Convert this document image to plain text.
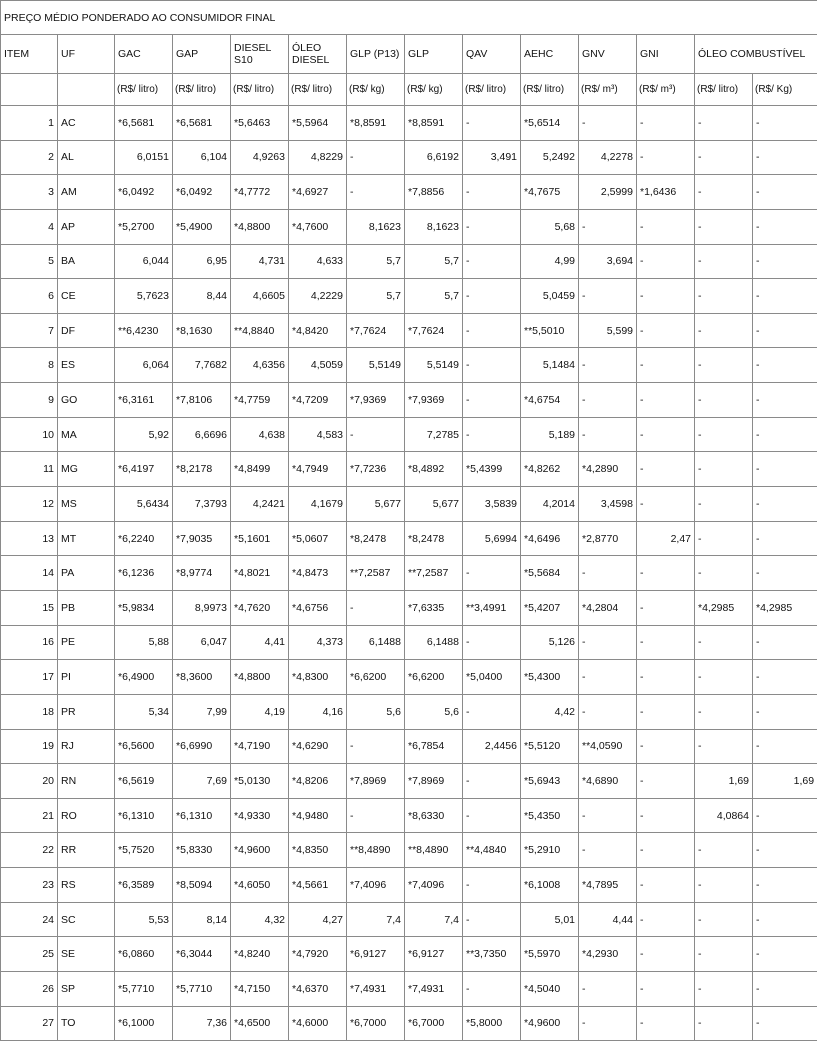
PREÇO MÉDIO PONDERADO AO CONSUMIDOR FINAL													
ITEM	UF	GAC	GAP	DIESEL S10	ÓLEO DIESEL	GLP (P13)	GLP	QAV	AEHC	GNV	GNI	ÓLEO COMBUSTÍVEL	
		(R$/ litro)	(R$/ litro)	(R$/ litro)	(R$/ litro)	(R$/ kg)	(R$/ kg)	(R$/ litro)	(R$/ litro)	(R$/ m³)	(R$/ m³)	(R$/ litro)	(R$/ Kg)
1	AC	*6,5681	*6,5681	*5,6463	*5,5964	*8,8591	*8,8591	-	*5,6514	-	-	-	-
2	AL	6,0151	6,104	4,9263	4,8229	-	6,6192	3,491	5,2492	4,2278	-	-	-
3	AM	*6,0492	*6,0492	*4,7772	*4,6927	-	*7,8856	-	*4,7675	2,5999	*1,6436	-	-
4	AP	*5,2700	*5,4900	*4,8800	*4,7600	8,1623	8,1623	-	5,68	-	-	-	-
5	BA	6,044	6,95	4,731	4,633	5,7	5,7	-	4,99	3,694	-	-	-
6	CE	5,7623	8,44	4,6605	4,2229	5,7	5,7	-	5,0459	-	-	-	-
7	DF	**6,4230	*8,1630	**4,8840	*4,8420	*7,7624	*7,7624	-	**5,5010	5,599	-	-	-
8	ES	6,064	7,7682	4,6356	4,5059	5,5149	5,5149	-	5,1484	-	-	-	-
9	GO	*6,3161	*7,8106	*4,7759	*4,7209	*7,9369	*7,9369	-	*4,6754	-	-	-	-
10	MA	5,92	6,6696	4,638	4,583	-	7,2785	-	5,189	-	-	-	-
11	MG	*6,4197	*8,2178	*4,8499	*4,7949	*7,7236	*8,4892	*5,4399	*4,8262	*4,2890	-	-	-
12	MS	5,6434	7,3793	4,2421	4,1679	5,677	5,677	3,5839	4,2014	3,4598	-	-	-
13	MT	*6,2240	*7,9035	*5,1601	*5,0607	*8,2478	*8,2478	5,6994	*4,6496	*2,8770	2,47	-	-
14	PA	*6,1236	*8,9774	*4,8021	*4,8473	**7,2587	**7,2587	-	*5,5684	-	-	-	-
15	PB	*5,9834	8,9973	*4,7620	*4,6756	-	*7,6335	**3,4991	*5,4207	*4,2804	-	*4,2985	*4,2985
16	PE	5,88	6,047	4,41	4,373	6,1488	6,1488	-	5,126	-	-	-	-
17	PI	*6,4900	*8,3600	*4,8800	*4,8300	*6,6200	*6,6200	*5,0400	*5,4300	-	-	-	-
18	PR	5,34	7,99	4,19	4,16	5,6	5,6	-	4,42	-	-	-	-
19	RJ	*6,5600	*6,6990	*4,7190	*4,6290	-	*6,7854	2,4456	*5,5120	**4,0590	-	-	-
20	RN	*6,5619	7,69	*5,0130	*4,8206	*7,8969	*7,8969	-	*5,6943	*4,6890	-	1,69	1,69
21	RO	*6,1310	*6,1310	*4,9330	*4,9480	-	*8,6330	-	*5,4350	-	-	4,0864	-
22	RR	*5,7520	*5,8330	*4,9600	*4,8350	**8,4890	**8,4890	**4,4840	*5,2910	-	-	-	-
23	RS	*6,3589	*8,5094	*4,6050	*4,5661	*7,4096	*7,4096	-	*6,1008	*4,7895	-	-	-
24	SC	5,53	8,14	4,32	4,27	7,4	7,4	-	5,01	4,44	-	-	-
25	SE	*6,0860	*6,3044	*4,8240	*4,7920	*6,9127	*6,9127	**3,7350	*5,5970	*4,2930	-	-	-
26	SP	*5,7710	*5,7710	*4,7150	*4,6370	*7,4931	*7,4931	-	*4,5040	-	-	-	-
27	TO	*6,1000	7,36	*4,6500	*4,6000	*6,7000	*6,7000	*5,8000	*4,9600	-	-	-	-
